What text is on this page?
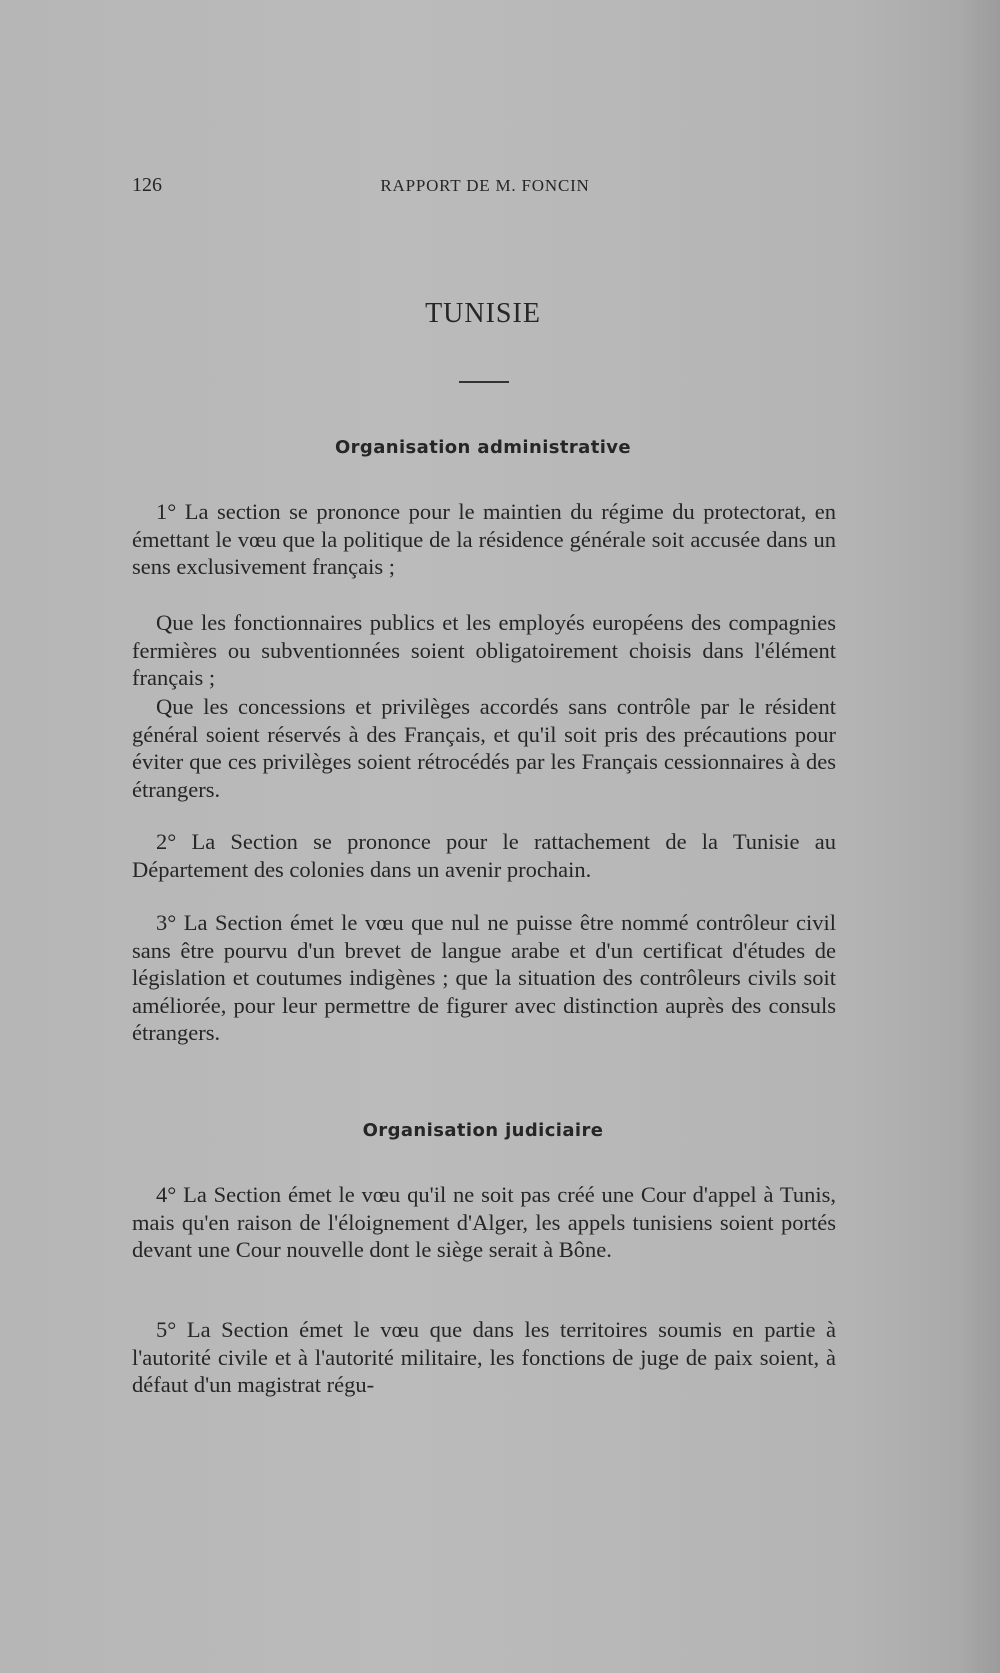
126	RAPPORT DE M. FONCIN
TUNISIE
Organisation administrative

1° La section se prononce pour le maintien du régime du protectorat, en émettant le vœu que la politique de la résidence générale soit accusée dans un sens exclusivement français ;

Que les fonctionnaires publics et les employés européens des compagnies fermières ou subventionnées soient obligatoirement choisis dans l'élément français ;

Que les concessions et privilèges accordés sans contrôle par le résident général soient réservés à des Français, et qu'il soit pris des précautions pour éviter que ces privilèges soient rétrocédés par les Français cessionnaires à des étrangers.

2° La Section se prononce pour le rattachement de la Tunisie au Département des colonies dans un avenir prochain.

3° La Section émet le vœu que nul ne puisse être nommé contrôleur civil sans être pourvu d'un brevet de langue arabe et d'un certificat d'études de législation et coutumes indigènes ; que la situation des contrôleurs civils soit améliorée, pour leur permettre de figurer avec distinction auprès des consuls étrangers.

Organisation judiciaire

4° La Section émet le vœu qu'il ne soit pas créé une Cour d'appel à Tunis, mais qu'en raison de l'éloignement d'Alger, les appels tunisiens soient portés devant une Cour nouvelle dont le siège serait à Bône.

5° La Section émet le vœu que dans les territoires soumis en partie à l'autorité civile et à l'autorité militaire, les fonctions de juge de paix soient, à défaut d'un magistrat régu-
